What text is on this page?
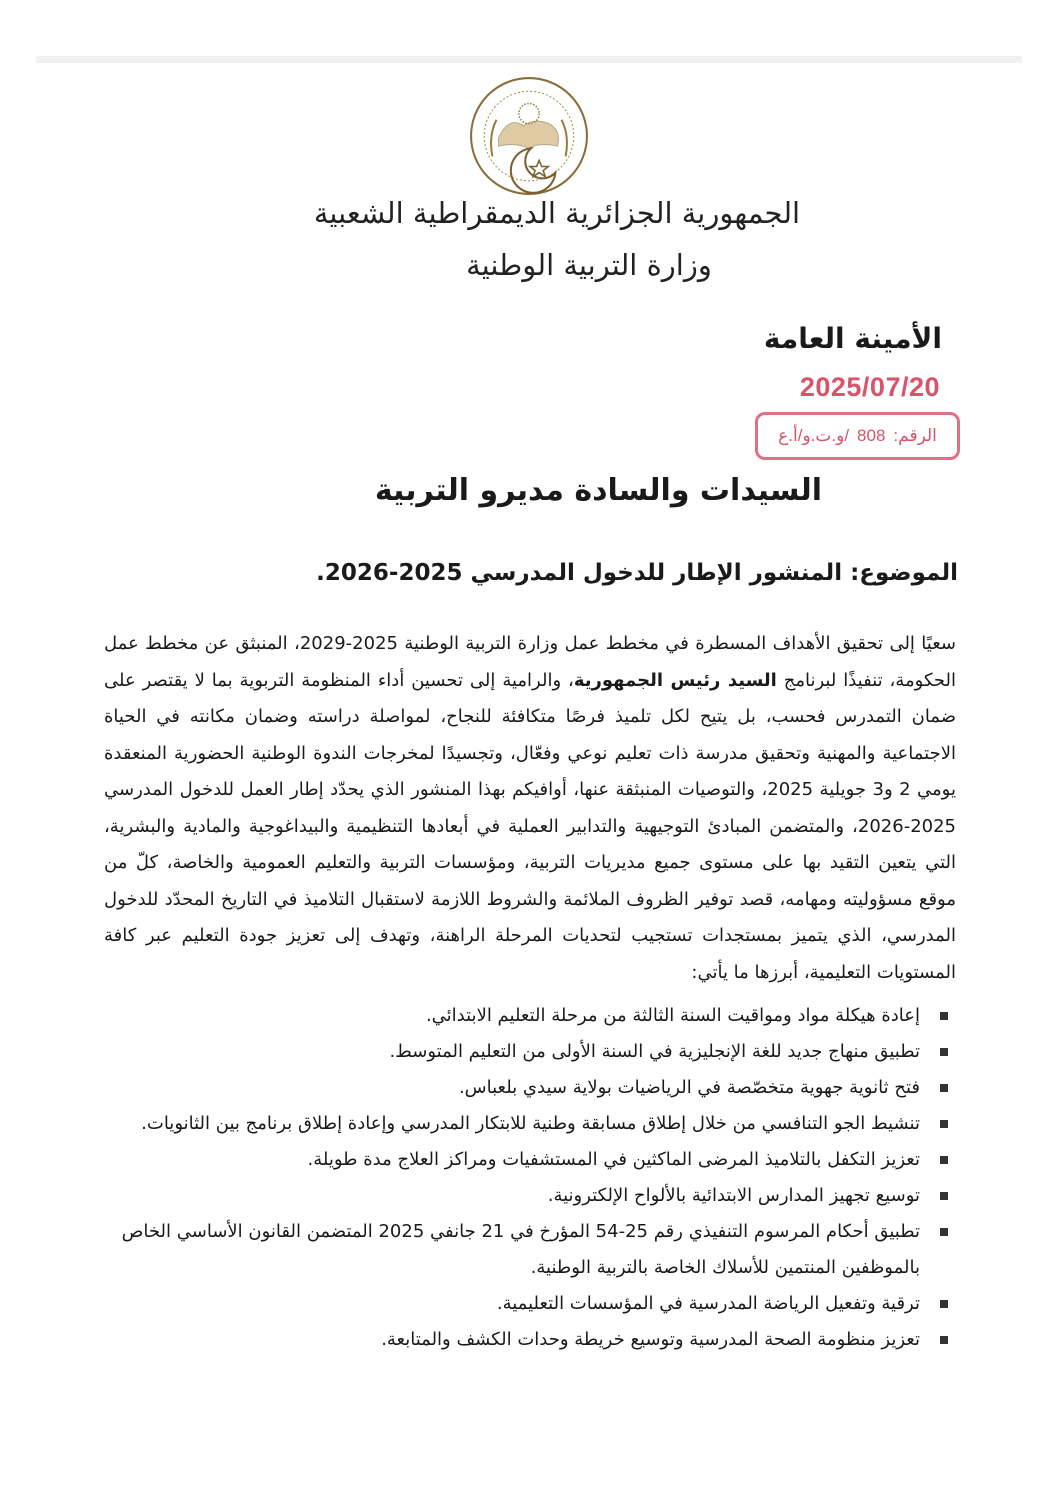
الجمهورية الجزائرية الديمقراطية الشعبية
وزارة التربية الوطنية
الأمينة العامة
2025/07/20
الرقم:
808
/و.ت.و/أ.ع
السيدات والسادة مديرو التربية
الموضوع: المنشور الإطار للدخول المدرسي 2025-2026.
سعيًا إلى تحقيق الأهداف المسطرة في مخطط عمل وزارة التربية الوطنية 2025-2029، المنبثق عن مخطط عمل الحكومة، تنفيذًا لبرنامج السيد رئيس الجمهورية، والرامية إلى تحسين أداء المنظومة التربوية بما لا يقتصر على ضمان التمدرس فحسب، بل يتيح لكل تلميذ فرصًا متكافئة للنجاح، لمواصلة دراسته وضمان مكانته في الحياة الاجتماعية والمهنية وتحقيق مدرسة ذات تعليم نوعي وفعّال، وتجسيدًا لمخرجات الندوة الوطنية الحضورية المنعقدة يومي 2 و3 جويلية 2025، والتوصيات المنبثقة عنها، أوافيكم بهذا المنشور الذي يحدّد إطار العمل للدخول المدرسي 2025-2026، والمتضمن المبادئ التوجيهية والتدابير العملية في أبعادها التنظيمية والبيداغوجية والمادية والبشرية، التي يتعين التقيد بها على مستوى جميع مديريات التربية، ومؤسسات التربية والتعليم العمومية والخاصة، كلّ من موقع مسؤوليته ومهامه، قصد توفير الظروف الملائمة والشروط اللازمة لاستقبال التلاميذ في التاريخ المحدّد للدخول المدرسي، الذي يتميز بمستجدات تستجيب لتحديات المرحلة الراهنة، وتهدف إلى تعزيز جودة التعليم عبر كافة المستويات التعليمية، أبرزها ما يأتي:
إعادة هيكلة مواد ومواقيت السنة الثالثة من مرحلة التعليم الابتدائي.
تطبيق منهاج جديد للغة الإنجليزية في السنة الأولى من التعليم المتوسط.
فتح ثانوية جهوية متخصّصة في الرياضيات بولاية سيدي بلعباس.
تنشيط الجو التنافسي من خلال إطلاق مسابقة وطنية للابتكار المدرسي وإعادة إطلاق برنامج بين الثانويات.
تعزيز التكفل بالتلاميذ المرضى الماكثين في المستشفيات ومراكز العلاج مدة طويلة.
توسيع تجهيز المدارس الابتدائية بالألواح الإلكترونية.
تطبيق أحكام المرسوم التنفيذي رقم 25-54 المؤرخ في 21 جانفي 2025 المتضمن القانون الأساسي الخاص بالموظفين المنتمين للأسلاك الخاصة بالتربية الوطنية.
ترقية وتفعيل الرياضة المدرسية في المؤسسات التعليمية.
تعزيز منظومة الصحة المدرسية وتوسيع خريطة وحدات الكشف والمتابعة.
